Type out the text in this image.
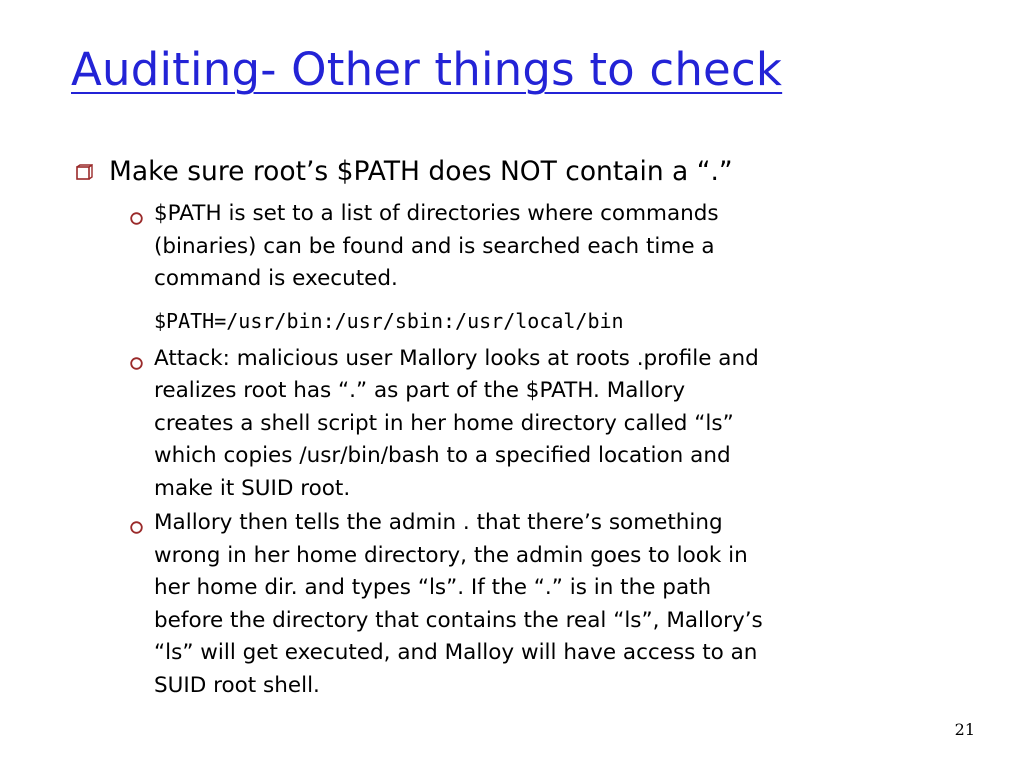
Auditing- Other things to check
Make sure root’s $PATH does NOT contain a “.”
$PATH is set to a list of directories where commands
(binaries) can be found and is searched each time a
command is executed.
$PATH=/usr/bin:/usr/sbin:/usr/local/bin
Attack: malicious user Mallory looks at roots .profile and
realizes root has “.” as part of the $PATH. Mallory
creates a shell script in her home directory called “ls”
which copies /usr/bin/bash to a specified location and
make it SUID root.
Mallory then tells the admin . that there’s something
wrong in her home directory, the admin goes to look in
her home dir. and types “ls”. If the “.” is in the path
before the directory that contains the real “ls”, Mallory’s
“ls” will get executed, and Malloy will have access to an
SUID root shell.
21
